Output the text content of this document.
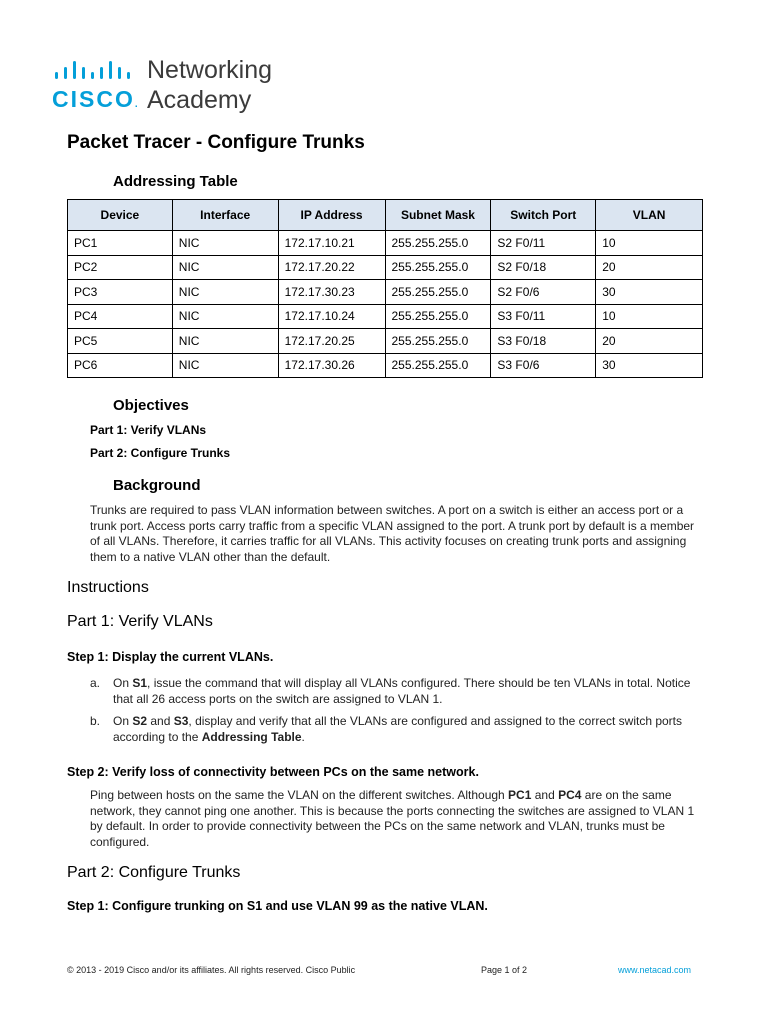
CISCO.
Networking
Academy
Packet Tracer - Configure Trunks
Addressing Table
Device	Interface	IP Address	Subnet Mask	Switch Port	VLAN
PC1	NIC	172.17.10.21	255.255.255.0	S2 F0/11	10
PC2	NIC	172.17.20.22	255.255.255.0	S2 F0/18	20
PC3	NIC	172.17.30.23	255.255.255.0	S2 F0/6	30
PC4	NIC	172.17.10.24	255.255.255.0	S3 F0/11	10
PC5	NIC	172.17.20.25	255.255.255.0	S3 F0/18	20
PC6	NIC	172.17.30.26	255.255.255.0	S3 F0/6	30
Objectives
Part 1: Verify VLANs
Part 2: Configure Trunks
Background
Trunks are required to pass VLAN information between switches. A port on a switch is either an access port or a trunk port. Access ports carry traffic from a specific VLAN assigned to the port. A trunk port by default is a member of all VLANs. Therefore, it carries traffic for all VLANs. This activity focuses on creating trunk ports and assigning them to a native VLAN other than the default.
Instructions
Part 1: Verify VLANs
Step 1: Display the current VLANs.
a. On S1, issue the command that will display all VLANs configured. There should be ten VLANs in total. Notice that all 26 access ports on the switch are assigned to VLAN 1.
b. On S2 and S3, display and verify that all the VLANs are configured and assigned to the correct switch ports according to the Addressing Table.
Step 2: Verify loss of connectivity between PCs on the same network.
Ping between hosts on the same the VLAN on the different switches. Although PC1 and PC4 are on the same network, they cannot ping one another. This is because the ports connecting the switches are assigned to VLAN 1 by default. In order to provide connectivity between the PCs on the same network and VLAN, trunks must be configured.
Part 2: Configure Trunks
Step 1: Configure trunking on S1 and use VLAN 99 as the native VLAN.
© 2013 - 2019 Cisco and/or its affiliates. All rights reserved. Cisco Public	Page 1 of 2	www.netacad.com
